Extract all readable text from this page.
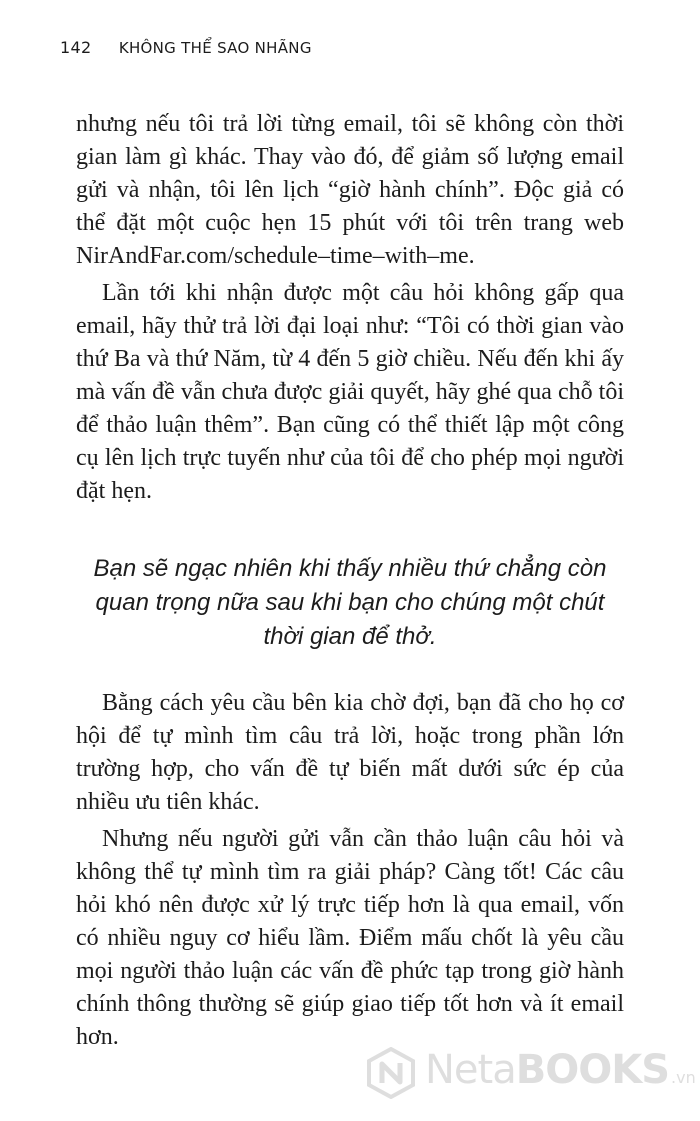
142 KHÔNG THỂ SAO NHÃNG

nhưng nếu tôi trả lời từng email, tôi sẽ không còn thời gian làm gì khác. Thay vào đó, để giảm số lượng email gửi và nhận, tôi lên lịch “giờ hành chính”. Độc giả có thể đặt một cuộc hẹn 15 phút với tôi trên trang web NirAndFar.com/schedule–time–with–me.

Lần tới khi nhận được một câu hỏi không gấp qua email, hãy thử trả lời đại loại như: “Tôi có thời gian vào thứ Ba và thứ Năm, từ 4 đến 5 giờ chiều. Nếu đến khi ấy mà vấn đề vẫn chưa được giải quyết, hãy ghé qua chỗ tôi để thảo luận thêm”. Bạn cũng có thể thiết lập một công cụ lên lịch trực tuyến như của tôi để cho phép mọi người đặt hẹn.

Bạn sẽ ngạc nhiên khi thấy nhiều thứ chẳng còn quan trọng nữa sau khi bạn cho chúng một chút thời gian để thở.

Bằng cách yêu cầu bên kia chờ đợi, bạn đã cho họ cơ hội để tự mình tìm câu trả lời, hoặc trong phần lớn trường hợp, cho vấn đề tự biến mất dưới sức ép của nhiều ưu tiên khác.

Nhưng nếu người gửi vẫn cần thảo luận câu hỏi và không thể tự mình tìm ra giải pháp? Càng tốt! Các câu hỏi khó nên được xử lý trực tiếp hơn là qua email, vốn có nhiều nguy cơ hiểu lầm. Điểm mấu chốt là yêu cầu mọi người thảo luận các vấn đề phức tạp trong giờ hành chính thông thường sẽ giúp giao tiếp tốt hơn và ít email hơn.

NetaBOOKS .vn
